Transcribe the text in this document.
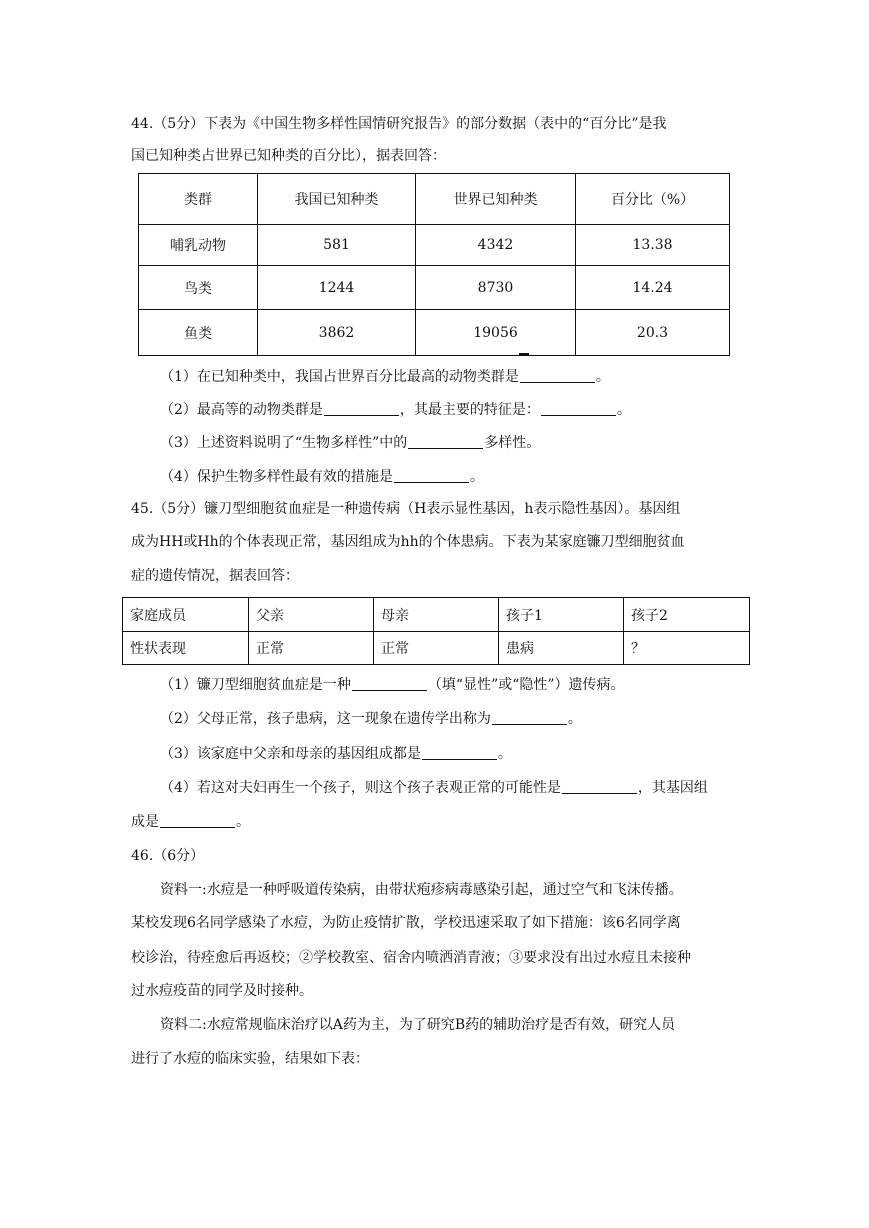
44.（5分）下表为《中国生物多样性国情研究报告》的部分数据（表中的“百分比”是我
国已知种类占世界已知种类的百分比），据表回答：
类群	我国已知种类	世界已知种类	百分比（%）
哺乳动物	581	4342	13.38
鸟类	1244	8730	14.24
鱼类	3862	19056	20.3
（1）在已知种类中，我国占世界百分比最高的动物类群是	。
（2）最高等的动物类群是	，其最主要的特征是：	。
（3）上述资料说明了“生物多样性”中的	多样性。
（4）保护生物多样性最有效的措施是	。
45.（5分）镰刀型细胞贫血症是一种遗传病（H表示显性基因，h表示隐性基因）。基因组
成为HH或Hh的个体表现正常，基因组成为hh的个体患病。下表为某家庭镰刀型细胞贫血
症的遗传情况，据表回答：
家庭成员	父亲	母亲	孩子1	孩子2
性状表现	正常	正常	患病	？
（1）镰刀型细胞贫血症是一种	（填“显性”或“隐性”）遗传病。
（2）父母正常，孩子患病，这一现象在遗传学出称为	。
（3）该家庭中父亲和母亲的基因组成都是	。
（4）若这对夫妇再生一个孩子，则这个孩子表观正常的可能性是	，其基因组
成是	。
46.（6分）
资料一:水痘是一种呼吸道传染病，由带状疱疹病毒感染引起，通过空气和飞沫传播。
某校发现6名同学感染了水痘，为防止疫情扩散，学校迅速采取了如下措施：该6名同学离
校诊治，待痊愈后再返校；②学校教室、宿舍内喷洒消青液；③要求没有出过水痘且未接种
过水痘疫苗的同学及时接种。
资料二:水痘常规临床治疗以A药为主，为了研究B药的辅助治疗是否有效，研究人员
进行了水痘的临床实验，结果如下表：
